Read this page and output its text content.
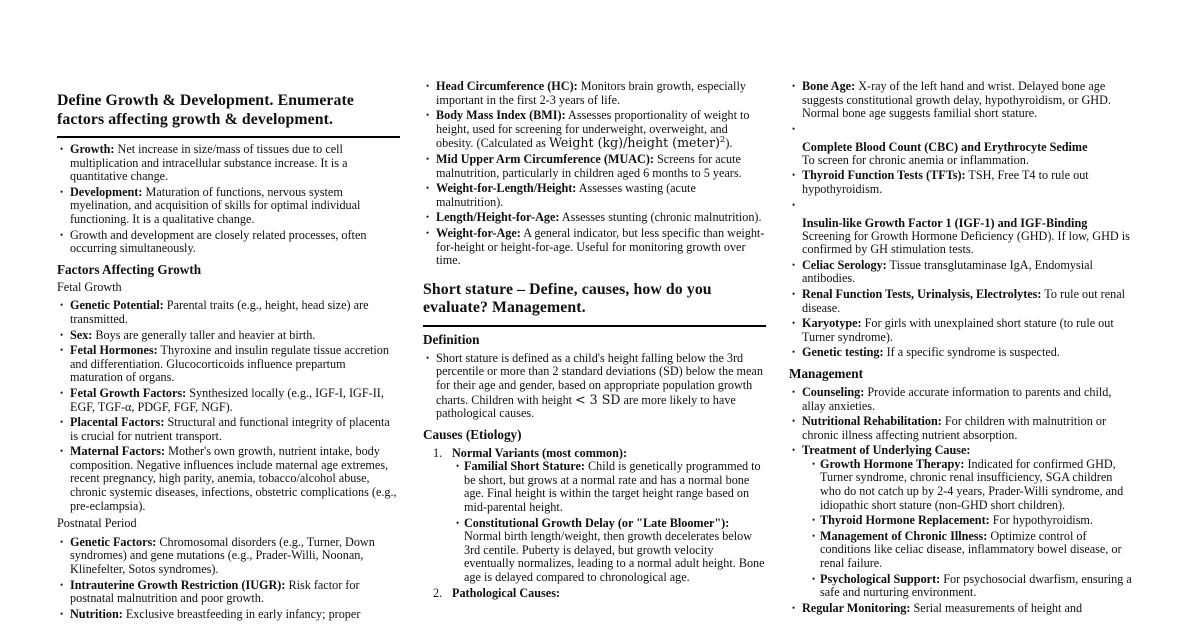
Define Growth & Development. Enumerate factors affecting growth & development.
• Growth: Net increase in size/mass of tissues due to cell multiplication and intracellular substance increase. It is a quantitative change.
• Development: Maturation of functions, nervous system myelination, and acquisition of skills for optimal individual functioning. It is a qualitative change.
• Growth and development are closely related processes, often occurring simultaneously.
Factors Affecting Growth
Fetal Growth
• Genetic Potential: Parental traits (e.g., height, head size) are transmitted.
• Sex: Boys are generally taller and heavier at birth.
• Fetal Hormones: Thyroxine and insulin regulate tissue accretion and differentiation. Glucocorticoids influence prepartum maturation of organs.
• Fetal Growth Factors: Synthesized locally (e.g., IGF-I, IGF-II, EGF, TGF-α, PDGF, FGF, NGF).
• Placental Factors: Structural and functional integrity of placenta is crucial for nutrient transport.
• Maternal Factors: Mother's own growth, nutrient intake, body composition. Negative influences include maternal age extremes, recent pregnancy, high parity, anemia, tobacco/alcohol abuse, chronic systemic diseases, infections, obstetric complications (e.g., pre-eclampsia).
Postnatal Period
• Genetic Factors: Chromosomal disorders (e.g., Turner, Down syndromes) and gene mutations (e.g., Prader-Willi, Noonan, Klinefelter, Sotos syndromes).
• Intrauterine Growth Restriction (IUGR): Risk factor for postnatal malnutrition and poor growth.
• Nutrition: Exclusive breastfeeding in early infancy; proper
• Head Circumference (HC): Monitors brain growth, especially important in the first 2-3 years of life.
• Body Mass Index (BMI): Assesses proportionality of weight to height, used for screening for underweight, overweight, and obesity. (Calculated as Weight (kg)/height (meter)$^2$).
• Mid Upper Arm Circumference (MUAC): Screens for acute malnutrition, particularly in children aged 6 months to 5 years.
• Weight-for-Length/Height: Assesses wasting (acute malnutrition).
• Length/Height-for-Age: Assesses stunting (chronic malnutrition).
• Weight-for-Age: A general indicator, but less specific than weight-for-height or height-for-age. Useful for monitoring growth over time.
Short stature – Define, causes, how do you evaluate? Management.
Definition
• Short stature is defined as a child's height falling below the 3rd percentile or more than 2 standard deviations (SD) below the mean for their age and gender, based on appropriate population growth charts. Children with height < 3 SD are more likely to have pathological causes.
Causes (Etiology)
1. Normal Variants (most common):
• Familial Short Stature: Child is genetically programmed to be short, but grows at a normal rate and has a normal bone age. Final height is within the target height range based on mid-parental height.
• Constitutional Growth Delay (or "Late Bloomer"): Normal birth length/weight, then growth decelerates below 3rd centile. Puberty is delayed, but growth velocity eventually normalizes, leading to a normal adult height. Bone age is delayed compared to chronological age.
2. Pathological Causes:
• Bone Age: X-ray of the left hand and wrist. Delayed bone age suggests constitutional growth delay, hypothyroidism, or GHD. Normal bone age suggests familial short stature.
•
Complete Blood Count (CBC) and Erythrocyte Sedime
To screen for chronic anemia or inflammation.
• Thyroid Function Tests (TFTs): TSH, Free T4 to rule out hypothyroidism.
•
Insulin-like Growth Factor 1 (IGF-1) and IGF-Binding
Screening for Growth Hormone Deficiency (GHD). If low, GHD is confirmed by GH stimulation tests.
• Celiac Serology: Tissue transglutaminase IgA, Endomysial antibodies.
• Renal Function Tests, Urinalysis, Electrolytes: To rule out renal disease.
• Karyotype: For girls with unexplained short stature (to rule out Turner syndrome).
• Genetic testing: If a specific syndrome is suspected.
Management
• Counseling: Provide accurate information to parents and child, allay anxieties.
• Nutritional Rehabilitation: For children with malnutrition or chronic illness affecting nutrient absorption.
• Treatment of Underlying Cause:
• Growth Hormone Therapy: Indicated for confirmed GHD, Turner syndrome, chronic renal insufficiency, SGA children who do not catch up by 2-4 years, Prader-Willi syndrome, and idiopathic short stature (non-GHD short children).
• Thyroid Hormone Replacement: For hypothyroidism.
• Management of Chronic Illness: Optimize control of conditions like celiac disease, inflammatory bowel disease, or renal failure.
• Psychological Support: For psychosocial dwarfism, ensuring a safe and nurturing environment.
• Regular Monitoring: Serial measurements of height and
